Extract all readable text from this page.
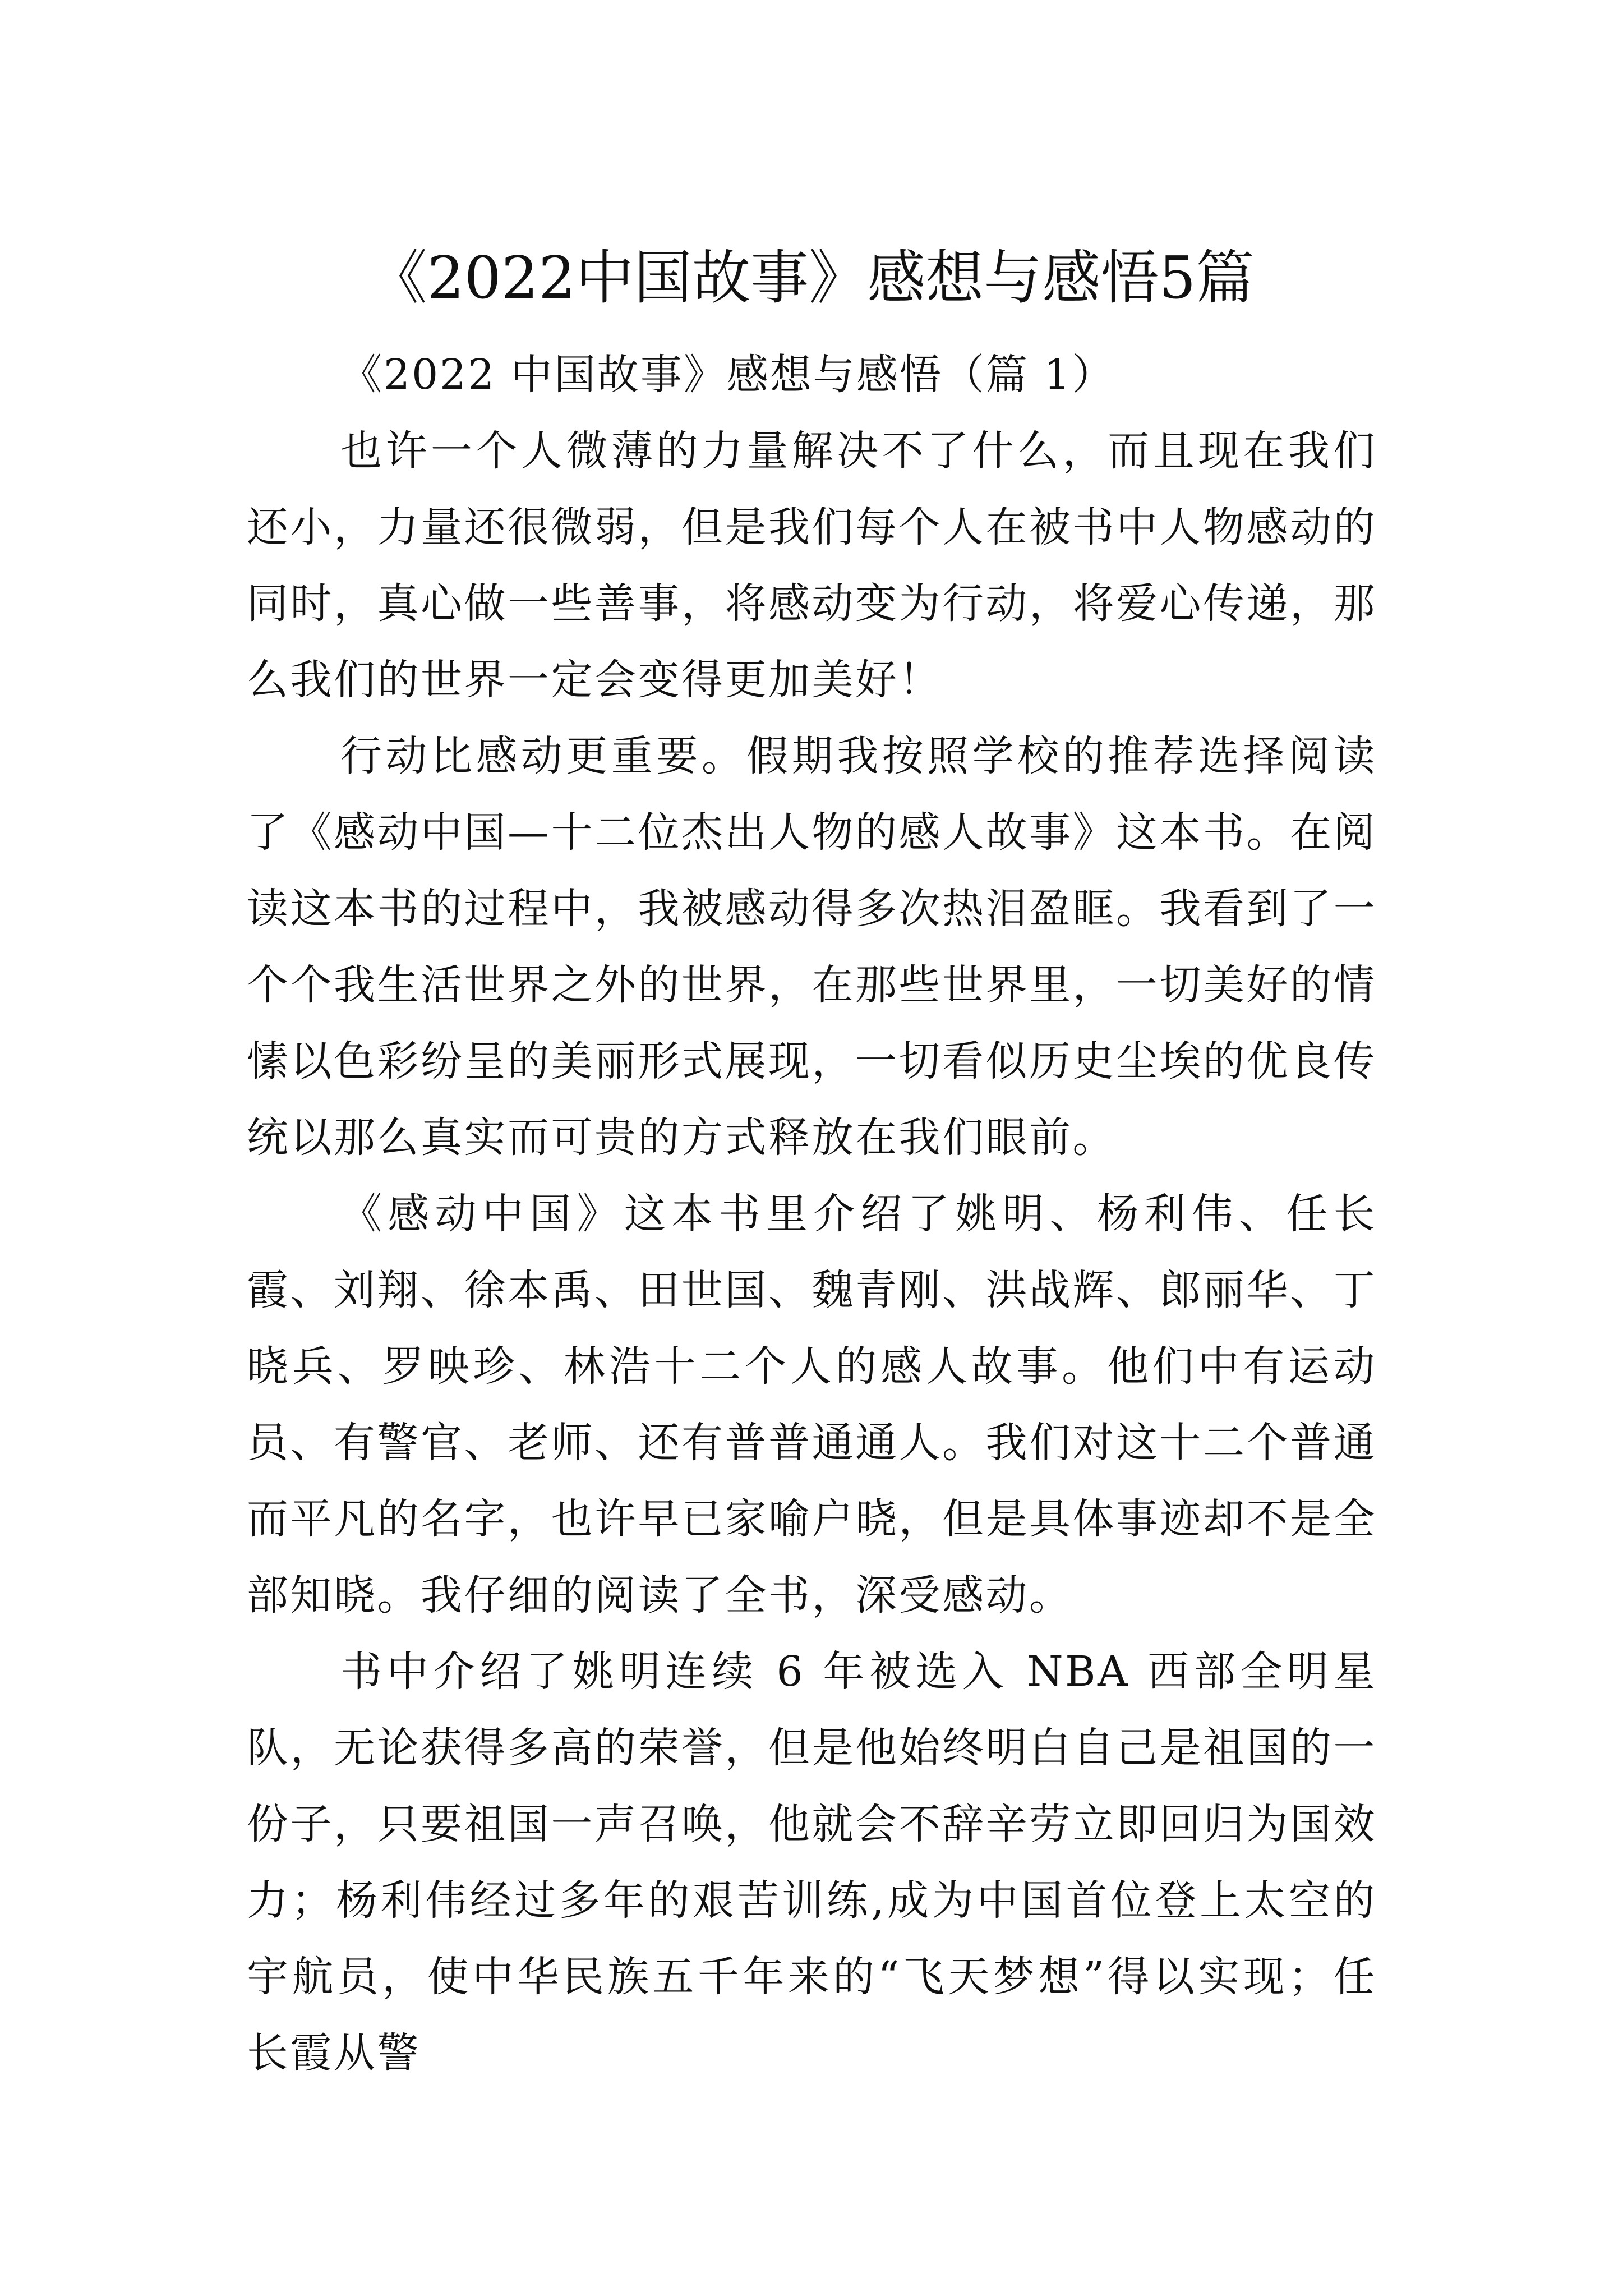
《2022中国故事》感想与感悟5篇

《2022 中国故事》感想与感悟（篇 1）

也许一个人微薄的力量解决不了什么，而且现在我们还小，力量还很微弱，但是我们每个人在被书中人物感动的同时，真心做一些善事，将感动变为行动，将爱心传递，那么我们的世界一定会变得更加美好！

行动比感动更重要。假期我按照学校的推荐选择阅读了《感动中国—十二位杰出人物的感人故事》这本书。在阅读这本书的过程中，我被感动得多次热泪盈眶。我看到了一个个我生活世界之外的世界，在那些世界里，一切美好的情愫以色彩纷呈的美丽形式展现，一切看似历史尘埃的优良传统以那么真实而可贵的方式释放在我们眼前。

《感动中国》这本书里介绍了姚明、杨利伟、任长霞、刘翔、徐本禹、田世国、魏青刚、洪战辉、郎丽华、丁晓兵、罗映珍、林浩十二个人的感人故事。他们中有运动员、有警官、老师、还有普普通通人。我们对这十二个普通而平凡的名字，也许早已家喻户晓，但是具体事迹却不是全部知晓。我仔细的阅读了全书，深受感动。

书中介绍了姚明连续 6 年被选入 NBA 西部全明星队，无论获得多高的荣誉，但是他始终明白自己是祖国的一份子，只要祖国一声召唤，他就会不辞辛劳立即回归为国效力；杨利伟经过多年的艰苦训练,成为中国首位登上太空的宇航员，使中华民族五千年来的“飞天梦想”得以实现；任长霞从警
